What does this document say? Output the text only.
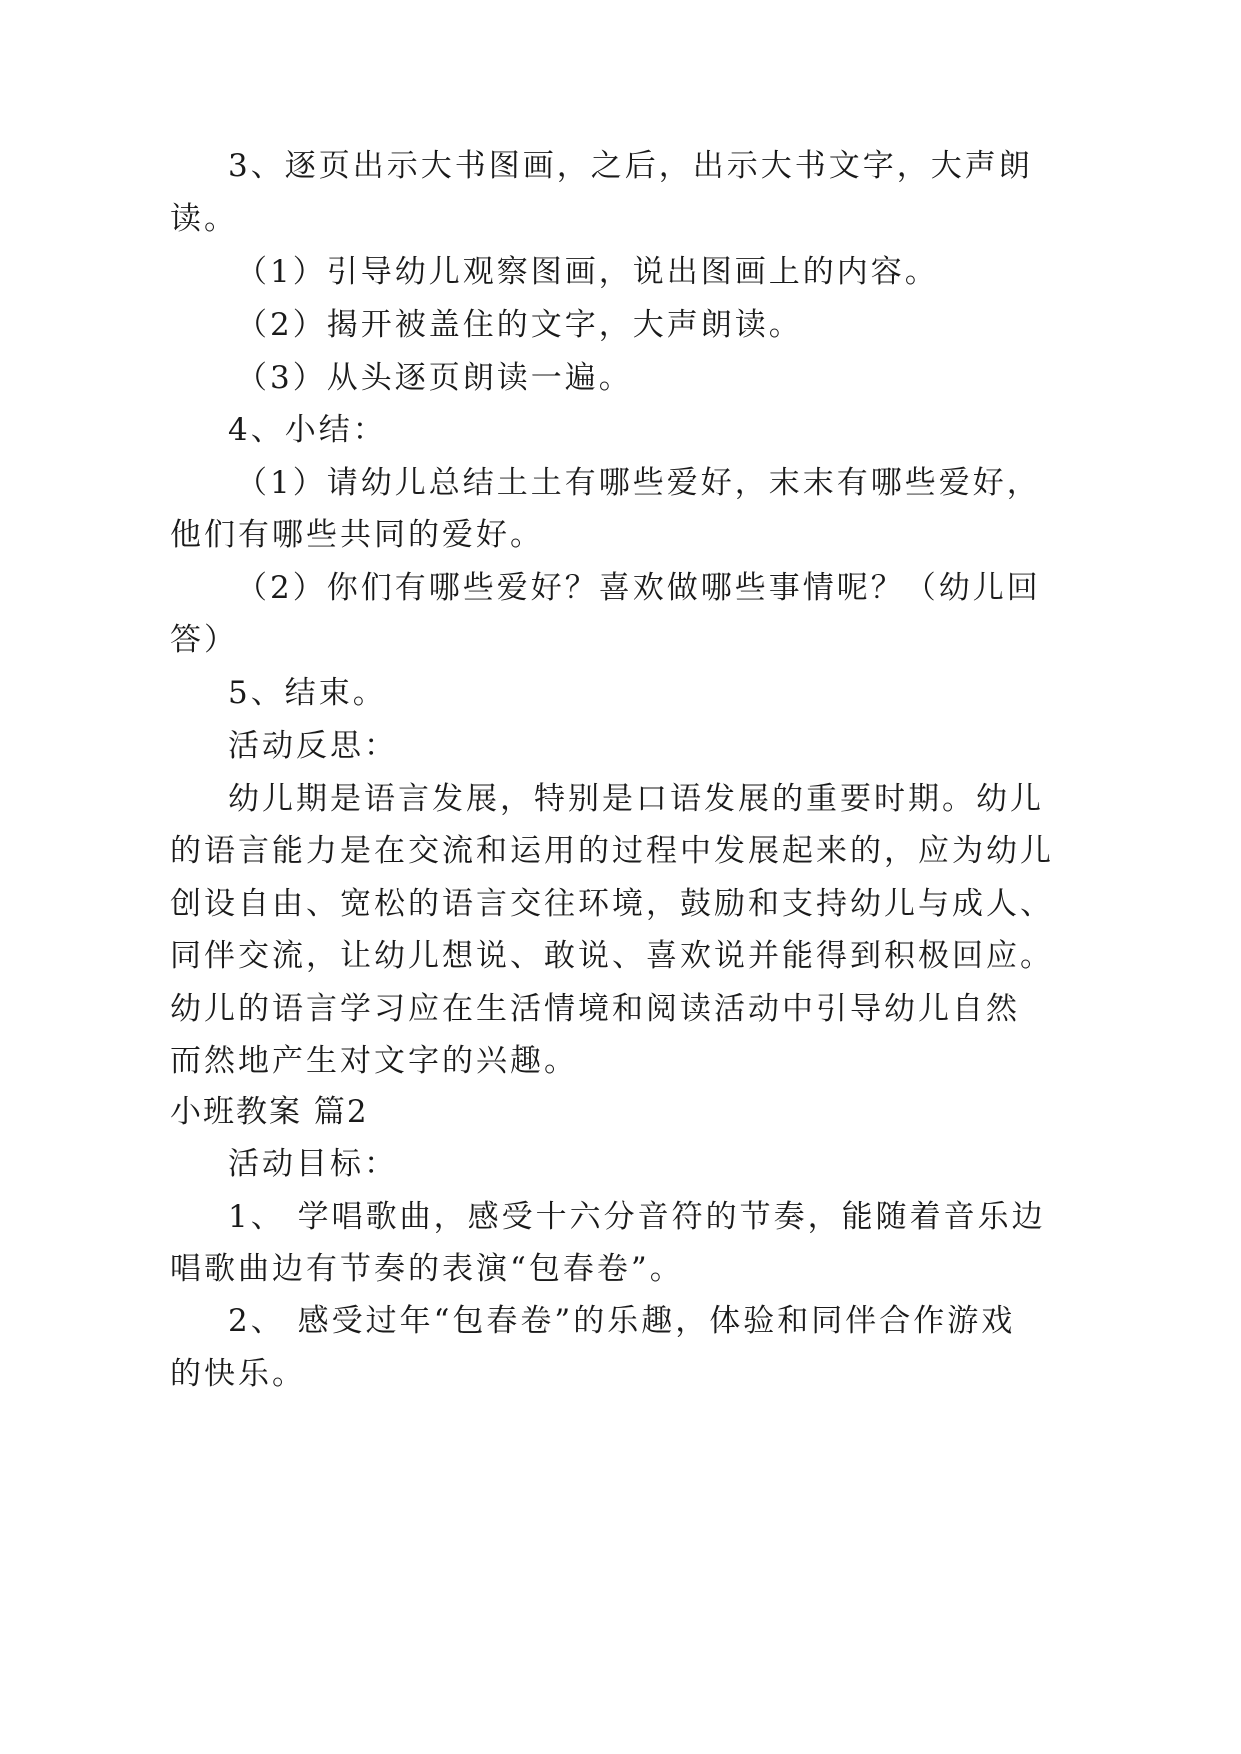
3、逐页出示大书图画，之后，出示大书文字，大声朗
读。
（1）引导幼儿观察图画，说出图画上的内容。
（2）揭开被盖住的文字，大声朗读。
（3）从头逐页朗读一遍。
4、小结：
（1）请幼儿总结土土有哪些爱好，末末有哪些爱好，
他们有哪些共同的爱好。
（2）你们有哪些爱好？喜欢做哪些事情呢？（幼儿回
答）
5、结束。
活动反思：
幼儿期是语言发展，特别是口语发展的重要时期。幼儿
的语言能力是在交流和运用的过程中发展起来的，应为幼儿
创设自由、宽松的语言交往环境，鼓励和支持幼儿与成人、
同伴交流，让幼儿想说、敢说、喜欢说并能得到积极回应。
幼儿的语言学习应在生活情境和阅读活动中引导幼儿自然
而然地产生对文字的兴趣。
小班教案 篇2
活动目标：
1、 学唱歌曲，感受十六分音符的节奏，能随着音乐边
唱歌曲边有节奏的表演“包春卷”。
2、 感受过年“包春卷”的乐趣，体验和同伴合作游戏
的快乐。
